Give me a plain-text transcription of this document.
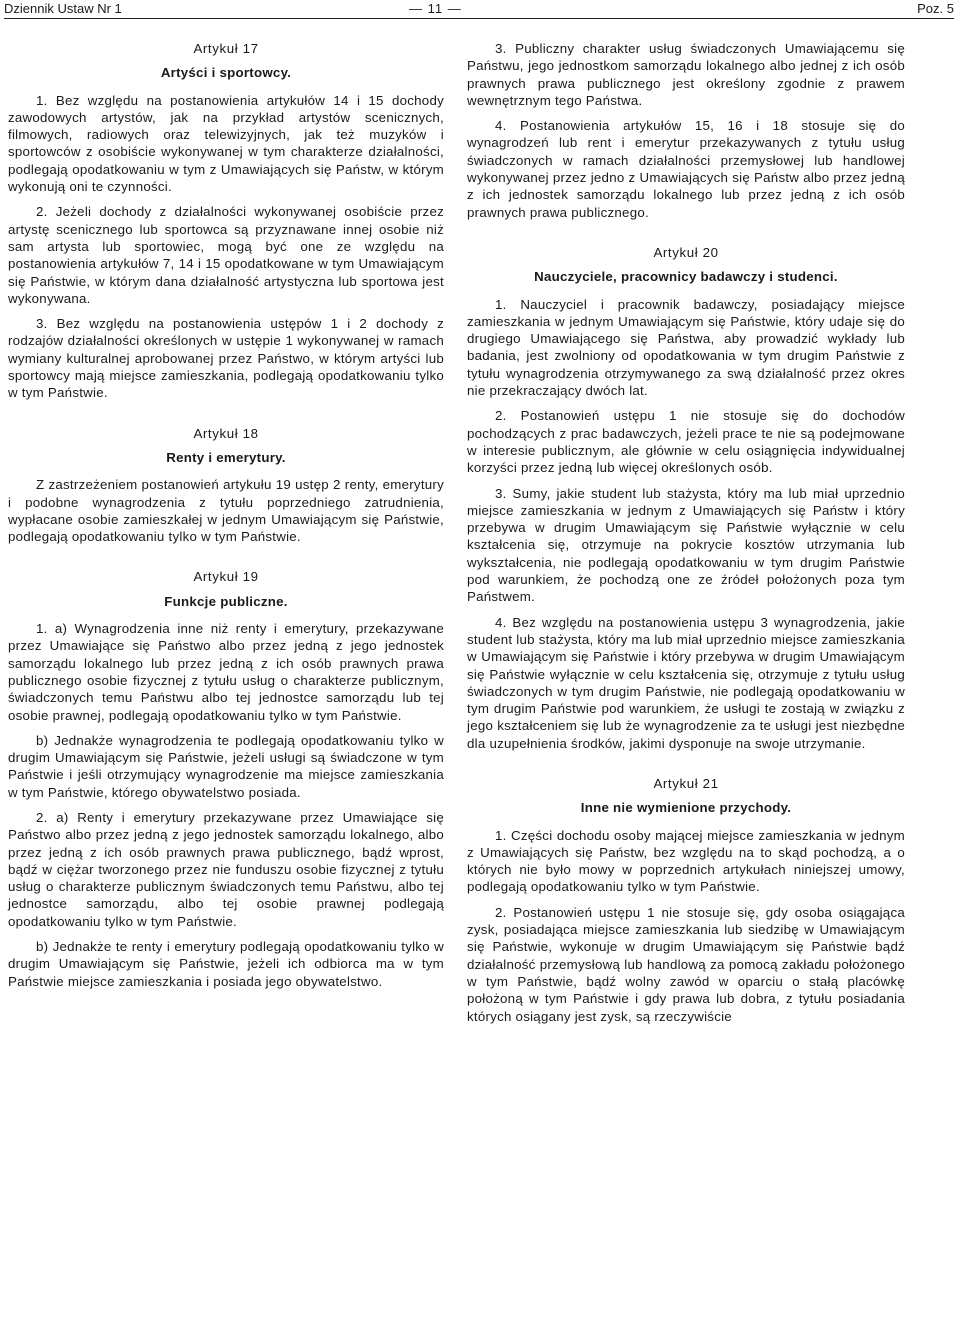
Dziennik Ustaw Nr 1	— 11 —	Poz. 5
Artykuł 17
Artyści i sportowcy.

1. Bez względu na postanowienia artykułów 14 i 15 dochody zawodowych artystów, jak na przykład artystów scenicznych, filmowych, radiowych oraz telewizyjnych, jak też muzyków i sportowców z osobiście wykonywanej w tym charakterze działalności, podlegają opodatkowaniu w tym z Umawiających się Państw, w którym wykonują oni te czynności.

2. Jeżeli dochody z działalności wykonywanej osobiście przez artystę scenicznego lub sportowca są przyznawane innej osobie niż sam artysta lub sportowiec, mogą być one ze względu na postanowienia artykułów 7, 14 i 15 opodatkowane w tym Umawiającym się Państwie, w którym dana działalność artystyczna lub sportowa jest wykonywana.

3. Bez względu na postanowienia ustępów 1 i 2 dochody z rodzajów działalności określonych w ustępie 1 wykonywanej w ramach wymiany kulturalnej aprobowanej przez Państwo, w którym artyści lub sportowcy mają miejsce zamieszkania, podlegają opodatkowaniu tylko w tym Państwie.

Artykuł 18
Renty i emerytury.

Z zastrzeżeniem postanowień artykułu 19 ustęp 2 renty, emerytury i podobne wynagrodzenia z tytułu poprzedniego zatrudnienia, wypłacane osobie zamieszkałej w jednym Umawiającym się Państwie, podlegają opodatkowaniu tylko w tym Państwie.

Artykuł 19
Funkcje publiczne.

1. a) Wynagrodzenia inne niż renty i emerytury, przekazywane przez Umawiające się Państwo albo przez jedną z jego jednostek samorządu lokalnego lub przez jedną z ich osób prawnych prawa publicznego osobie fizycznej z tytułu usług o charakterze publicznym, świadczonych temu Państwu albo tej jednostce samorządu lub tej osobie prawnej, podlegają opodatkowaniu tylko w tym Państwie.

b) Jednakże wynagrodzenia te podlegają opodatkowaniu tylko w drugim Umawiającym się Państwie, jeżeli usługi są świadczone w tym Państwie i jeśli otrzymujący wynagrodzenie ma miejsce zamieszkania w tym Państwie, którego obywatelstwo posiada.

2. a) Renty i emerytury przekazywane przez Umawiające się Państwo albo przez jedną z jego jednostek samorządu lokalnego, albo przez jedną z ich osób prawnych prawa publicznego, bądź wprost, bądź w ciężar tworzonego przez nie funduszu osobie fizycznej z tytułu usług o charakterze publicznym świadczonych temu Państwu, albo tej jednostce samorządu, albo tej osobie prawnej podlegają opodatkowaniu tylko w tym Państwie.

b) Jednakże te renty i emerytury podlegają opodatkowaniu tylko w drugim Umawiającym się Państwie, jeżeli ich odbiorca ma w tym Państwie miejsce zamieszkania i posiada jego obywatelstwo.

3. Publiczny charakter usług świadczonych Umawiającemu się Państwu, jego jednostkom samorządu lokalnego albo jednej z ich osób prawnych prawa publicznego jest określony zgodnie z prawem wewnętrznym tego Państwa.

4. Postanowienia artykułów 15, 16 i 18 stosuje się do wynagrodzeń lub rent i emerytur przekazywanych z tytułu usług świadczonych w ramach działalności przemysłowej lub handlowej wykonywanej przez jedno z Umawiających się Państw albo przez jedną z ich jednostek samorządu lokalnego lub przez jedną z ich osób prawnych prawa publicznego.

Artykuł 20
Nauczyciele, pracownicy badawczy i studenci.

1. Nauczyciel i pracownik badawczy, posiadający miejsce zamieszkania w jednym Umawiającym się Państwie, który udaje się do drugiego Umawiającego się Państwa, aby prowadzić wykłady lub badania, jest zwolniony od opodatkowania w tym drugim Państwie z tytułu wynagrodzenia otrzymywanego za swą działalność przez okres nie przekraczający dwóch lat.

2. Postanowień ustępu 1 nie stosuje się do dochodów pochodzących z prac badawczych, jeżeli prace te nie są podejmowane w interesie publicznym, ale głównie w celu osiągnięcia indywidualnej korzyści przez jedną lub więcej określonych osób.

3. Sumy, jakie student lub stażysta, który ma lub miał uprzednio miejsce zamieszkania w jednym z Umawiających się Państw i który przebywa w drugim Umawiającym się Państwie wyłącznie w celu kształcenia się, otrzymuje na pokrycie kosztów utrzymania lub wykształcenia, nie podlegają opodatkowaniu w tym drugim Państwie pod warunkiem, że pochodzą one ze źródeł położonych poza tym Państwem.

4. Bez względu na postanowienia ustępu 3 wynagrodzenia, jakie student lub stażysta, który ma lub miał uprzednio miejsce zamieszkania w Umawiającym się Państwie i który przebywa w drugim Umawiającym się Państwie wyłącznie w celu kształcenia się, otrzymuje z tytułu usług świadczonych w tym drugim Państwie, nie podlegają opodatkowaniu w tym drugim Państwie pod warunkiem, że usługi te zostają w związku z jego kształceniem się lub że wynagrodzenie za te usługi jest niezbędne dla uzupełnienia środków, jakimi dysponuje na swoje utrzymanie.

Artykuł 21
Inne nie wymienione przychody.

1. Części dochodu osoby mającej miejsce zamieszkania w jednym z Umawiających się Państw, bez względu na to skąd pochodzą, a o których nie było mowy w poprzednich artykułach niniejszej umowy, podlegają opodatkowaniu tylko w tym Państwie.

2. Postanowień ustępu 1 nie stosuje się, gdy osoba osiągająca zysk, posiadająca miejsce zamieszkania lub siedzibę w Umawiającym się Państwie, wykonuje w drugim Umawiającym się Państwie bądź działalność przemysłową lub handlową za pomocą zakładu położonego w tym Państwie, bądź wolny zawód w oparciu o stałą placówkę położoną w tym Państwie i gdy prawa lub dobra, z tytułu posiadania których osiągany jest zysk, są rzeczywiście
